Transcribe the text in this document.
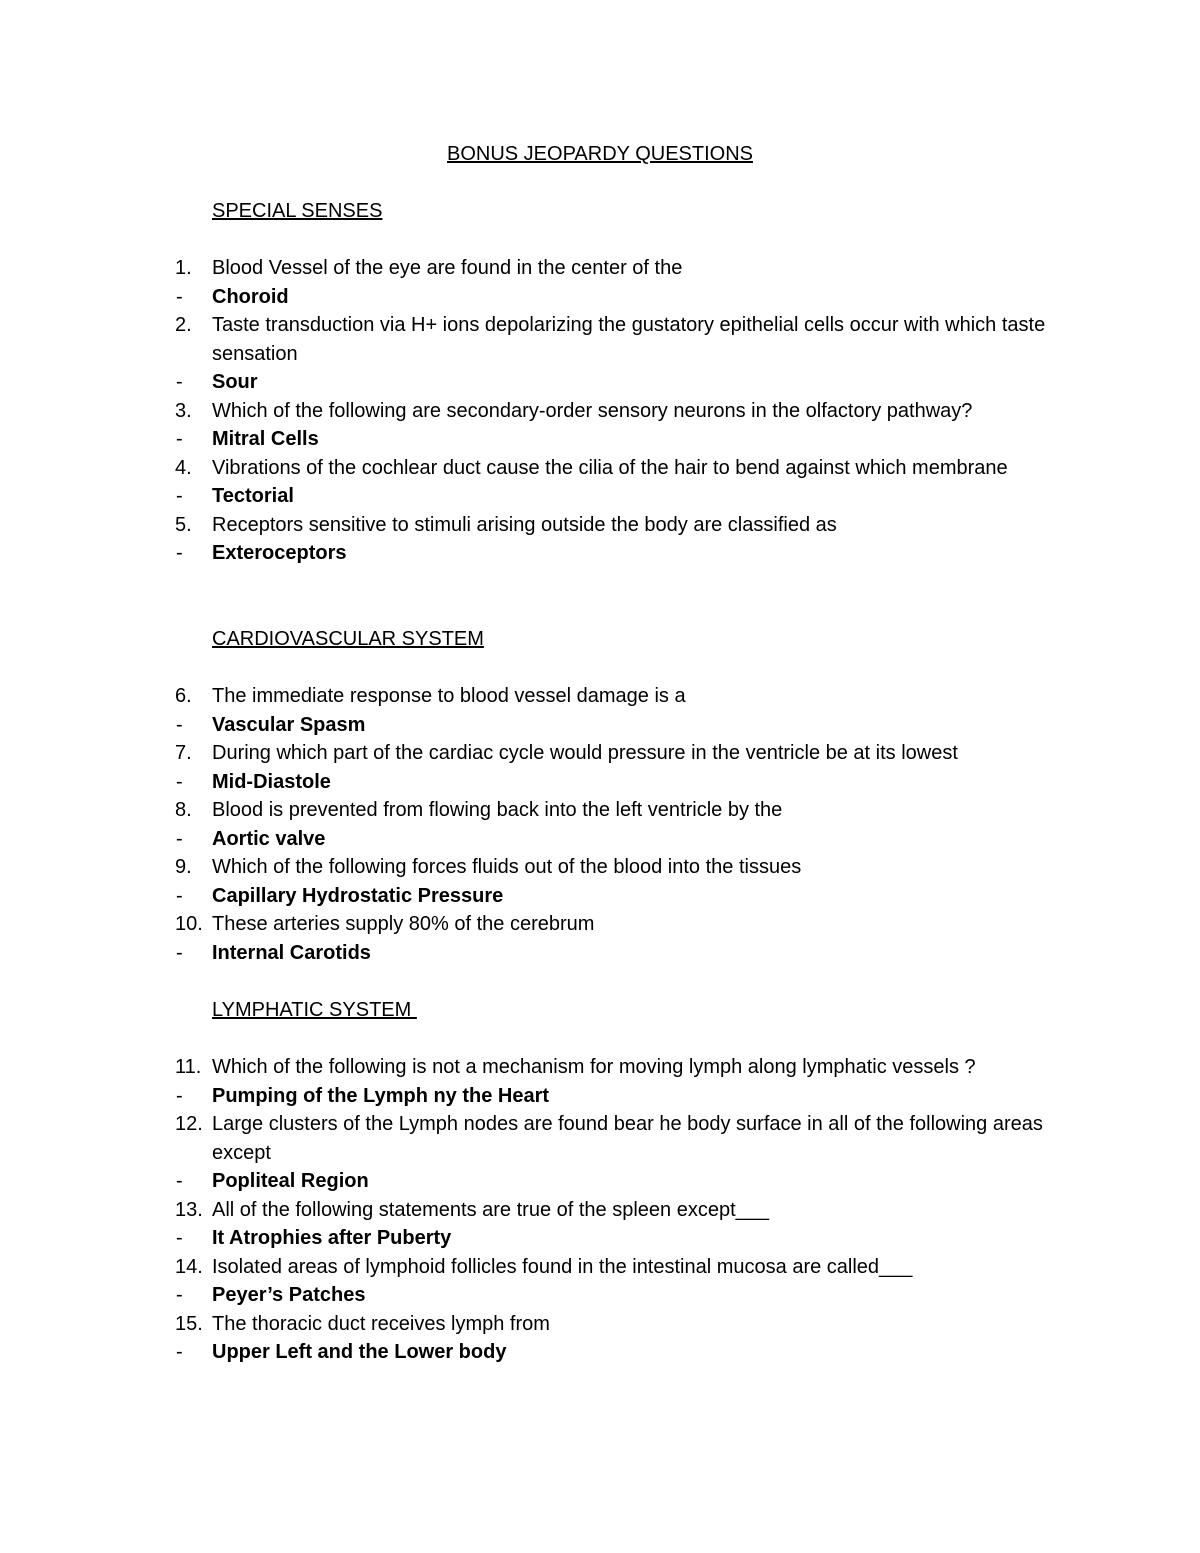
BONUS JEOPARDY QUESTIONS
SPECIAL SENSES
1. Blood Vessel of the eye are found in the center of the
- Choroid
2. Taste transduction via H+ ions depolarizing the gustatory epithelial cells occur with which taste sensation
- Sour
3. Which of the following are secondary-order sensory neurons in the olfactory pathway?
- Mitral Cells
4. Vibrations of the cochlear duct cause the cilia of the hair to bend against which membrane
- Tectorial
5. Receptors sensitive to stimuli arising outside the body are classified as
- Exteroceptors
CARDIOVASCULAR SYSTEM
6. The immediate response to blood vessel damage is a
- Vascular Spasm
7. During which part of the cardiac cycle would pressure in the ventricle be at its lowest
- Mid-Diastole
8. Blood is prevented from flowing back into the left ventricle by the
- Aortic valve
9. Which of the following forces fluids out of the blood into the tissues
- Capillary Hydrostatic Pressure
10. These arteries supply 80% of the cerebrum
- Internal Carotids
LYMPHATIC SYSTEM
11. Which of the following is not a mechanism for moving lymph along lymphatic vessels ?
- Pumping of the Lymph ny the Heart
12. Large clusters of the Lymph nodes are found bear he body surface in all of the following areas except
- Popliteal Region
13. All of the following statements are true of the spleen except___
- It Atrophies after Puberty
14. Isolated areas of lymphoid follicles found in the intestinal mucosa are called___
- Peyer’s Patches
15. The thoracic duct receives lymph from
- Upper Left and the Lower body
